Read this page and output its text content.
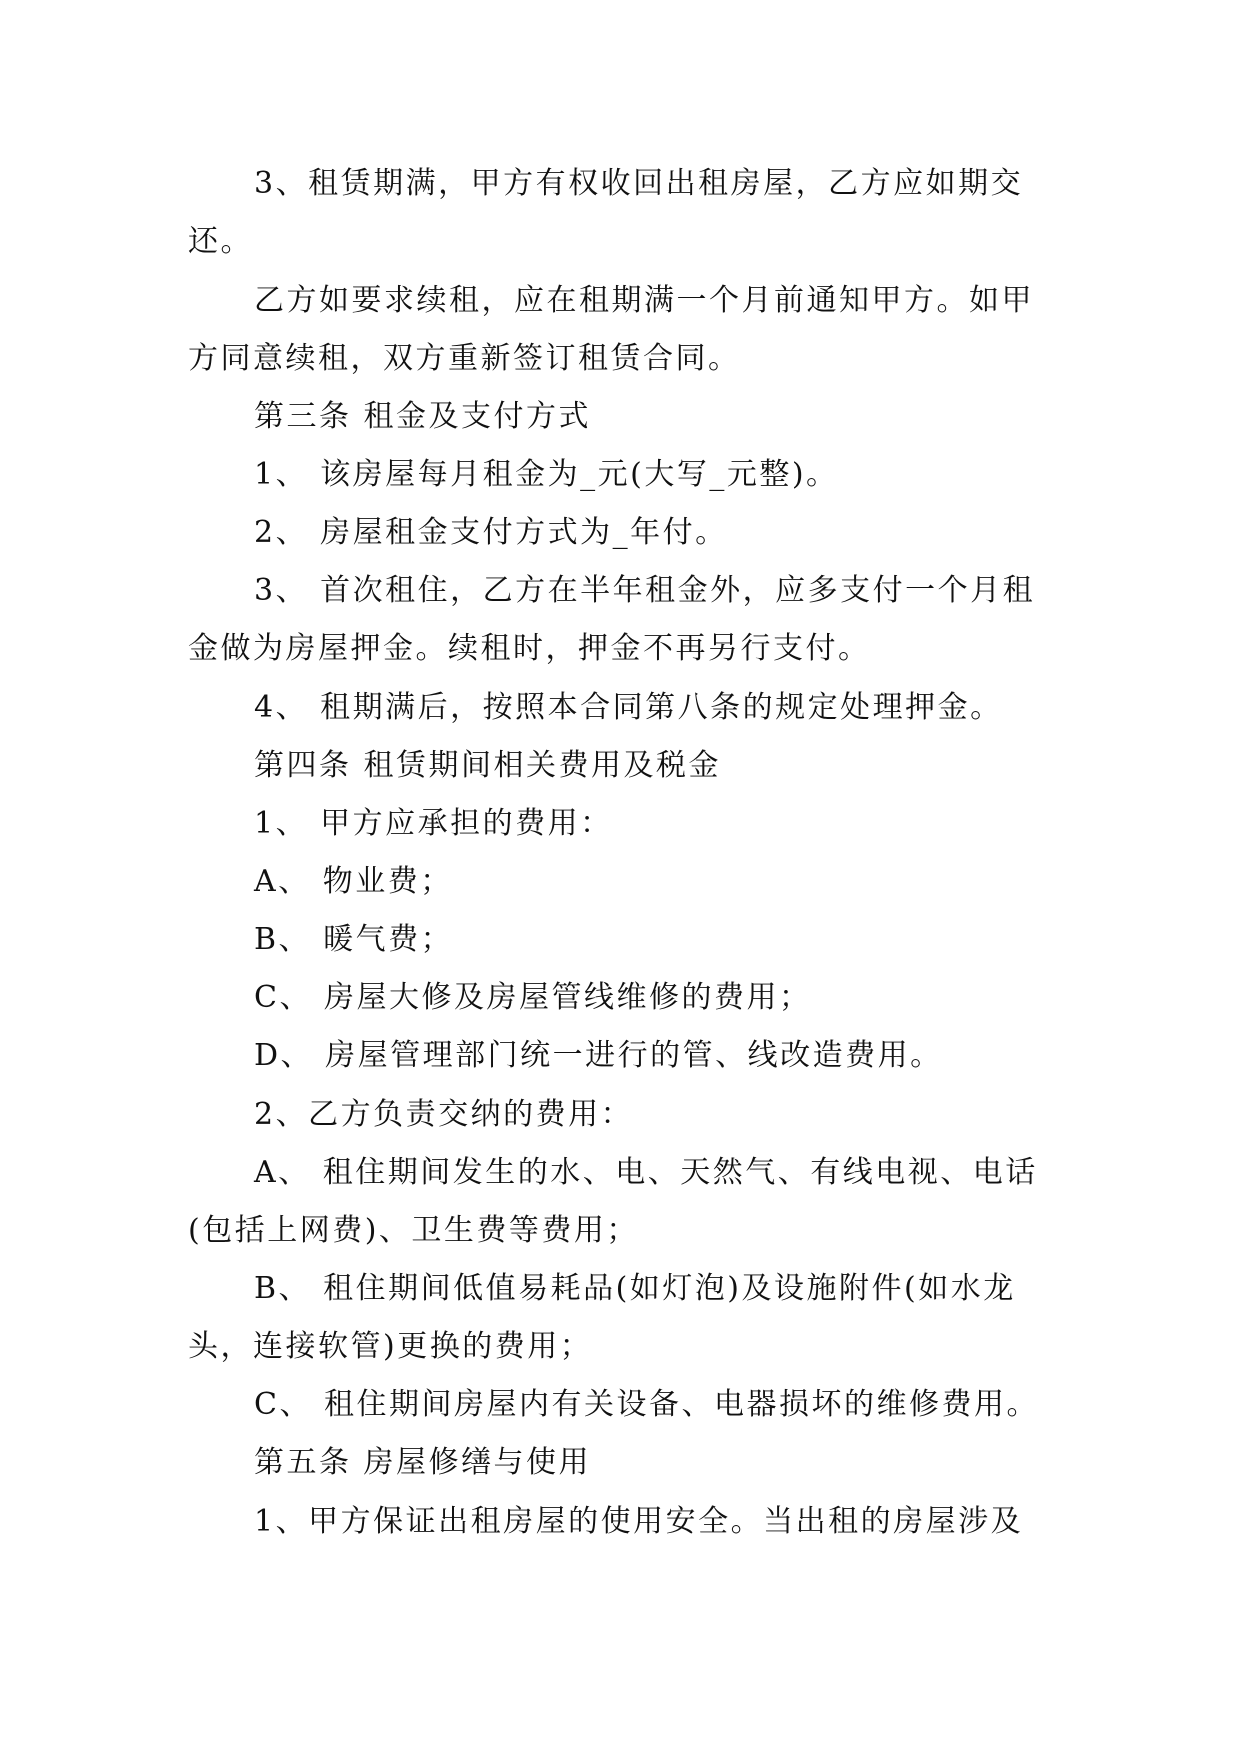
3、租赁期满，甲方有权收回出租房屋，乙方应如期交
还。
乙方如要求续租，应在租期满一个月前通知甲方。如甲
方同意续租，双方重新签订租赁合同。
第三条 租金及支付方式
1、 该房屋每月租金为_元(大写_元整)。
2、 房屋租金支付方式为_年付。
3、 首次租住，乙方在半年租金外，应多支付一个月租
金做为房屋押金。续租时，押金不再另行支付。
4、 租期满后，按照本合同第八条的规定处理押金。
第四条 租赁期间相关费用及税金
1、 甲方应承担的费用：
A、 物业费；
B、 暖气费；
C、 房屋大修及房屋管线维修的费用；
D、 房屋管理部门统一进行的管、线改造费用。
2、乙方负责交纳的费用：
A、 租住期间发生的水、电、天然气、有线电视、电话
(包括上网费)、卫生费等费用；
B、 租住期间低值易耗品(如灯泡)及设施附件(如水龙
头，连接软管)更换的费用；
C、 租住期间房屋内有关设备、电器损坏的维修费用。
第五条 房屋修缮与使用
1、甲方保证出租房屋的使用安全。当出租的房屋涉及
